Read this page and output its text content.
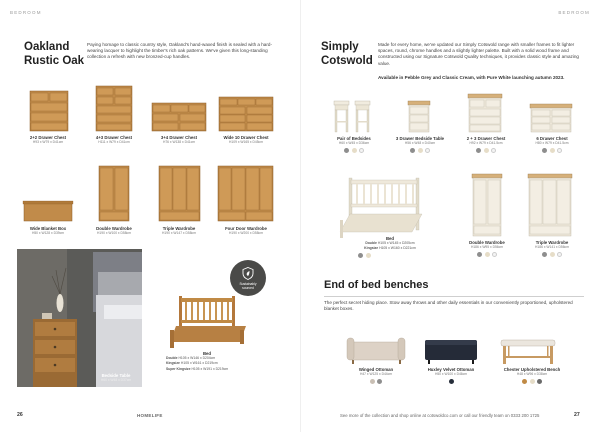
BEDROOM	BEDROOM
Oakland
Rustic Oak
Paying homage to classic country style, Oakland's hand-waxed finish is sealed with a hard-wearing lacquer to highlight the timber's rich oak patterns. We've given this long-standing collection a refresh with new bronzed-cup handles.
2+2 Drawer Chest
H93 x W79 x D41cm
4+3 Drawer Chest
H111 x W79 x D41cm
3+4 Drawer Chest
H76 x W138 x D41cm
Wide 10 Drawer Chest
H109 x W165 x D45cm
Wide Blanket Box
H50 x W128 x D39cm
Double Wardrobe
H190 x W100 x D58cm
Triple Wardrobe
H190 x W147 x D58cm
Four Door Wardrobe
H190 x W200 x D58cm
Bedside Table
H60 x W48 x D37cm
Sustainably
sourced
Bed
Double H105 x W146 x D204cm
Kingsize H105 x W161 x D219cm
Super Kingsize H105 x W191 x D219cm
Simply
Cotswold
Made for every home, we've updated our Simply Cotswold range with smaller frames to fit lighter spaces, round, chrome handles and a slightly lighter palette. Built with a solid wood frame and constructed using our Signature Cotswold Quality techniques, it provides classic style and amazing value.
Available in Pebble Grey and Classic Cream, with Pure White launching autumn 2023.
Pair of Bedsides
H60 x W45 x D36cm
3 Drawer Bedside Table
H56 x W48 x D40cm
2 + 3 Drawer Chest
H92 x W79 x D41.5cm
6 Drawer Chest
H80 x W79 x D41.5cm
Bed
Double H105 x W145 x D205cm
Kingsize H105 x W160 x D221cm
Double Wardrobe
H186 x W95 x D56cm
Triple Wardrobe
H186 x W141 x D56cm
End of bed benches
The perfect secret hiding place. Stow away throws and other daily essentials in our conveniently proportioned, upholstered blanket boxes.
Winged Ottoman
H47 x W125 x D44cm
Huxley Velvet Ottoman
H50 x W100 x D46cm
Chester Upholstered Bench
H48 x W96 x D38cm
26	HOMELIFE	See more of the collection and shop online at cotswoldco.com or call our friendly team on 0333 200 1725	27
